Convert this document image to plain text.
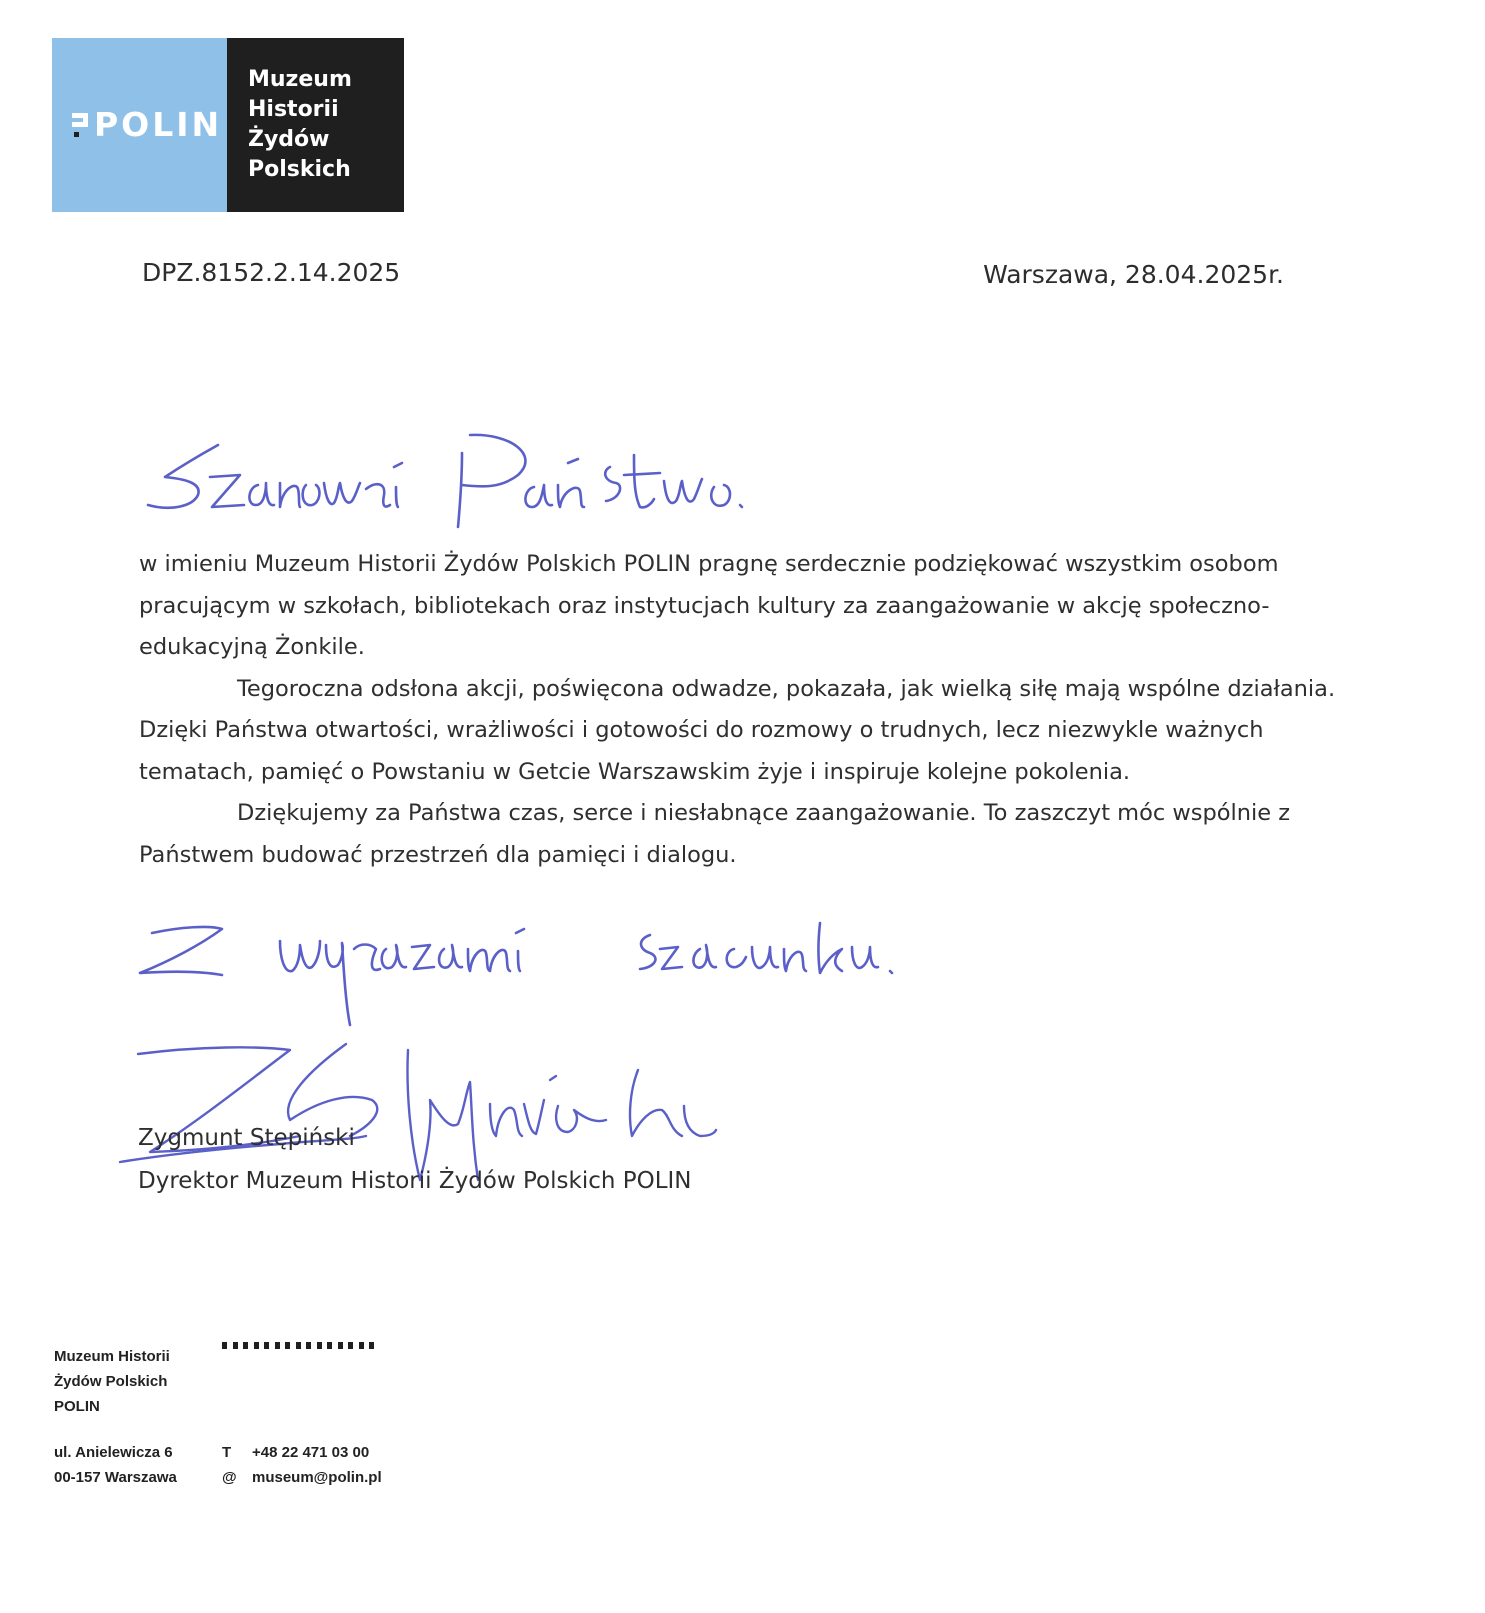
POLIN
Muzeum
Historii
Żydów
Polskich
DPZ.8152.2.14.2025	Warszawa, 28.04.2025r.

w imieniu Muzeum Historii Żydów Polskich POLIN pragnę serdecznie podziękować wszystkim osobom pracującym w szkołach, bibliotekach oraz instytucjach kultury za zaangażowanie w akcję społeczno-edukacyjną Żonkile.

Tegoroczna odsłona akcji, poświęcona odwadze, pokazała, jak wielką siłę mają wspólne działania. Dzięki Państwa otwartości, wrażliwości i gotowości do rozmowy o trudnych, lecz niezwykle ważnych tematach, pamięć o Powstaniu w Getcie Warszawskim żyje i inspiruje kolejne pokolenia.

Dziękujemy za Państwa czas, serce i niesłabnące zaangażowanie. To zaszczyt móc wspólnie z Państwem budować przestrzeń dla pamięci i dialogu.

Zygmunt Stępiński
Dyrektor Muzeum Historii Żydów Polskich POLIN
Muzeum Historii
Żydów Polskich
POLIN
ul. Anielewicza 6
00-157 Warszawa
T	+48 22 471 03 00
@	museum@polin.pl
